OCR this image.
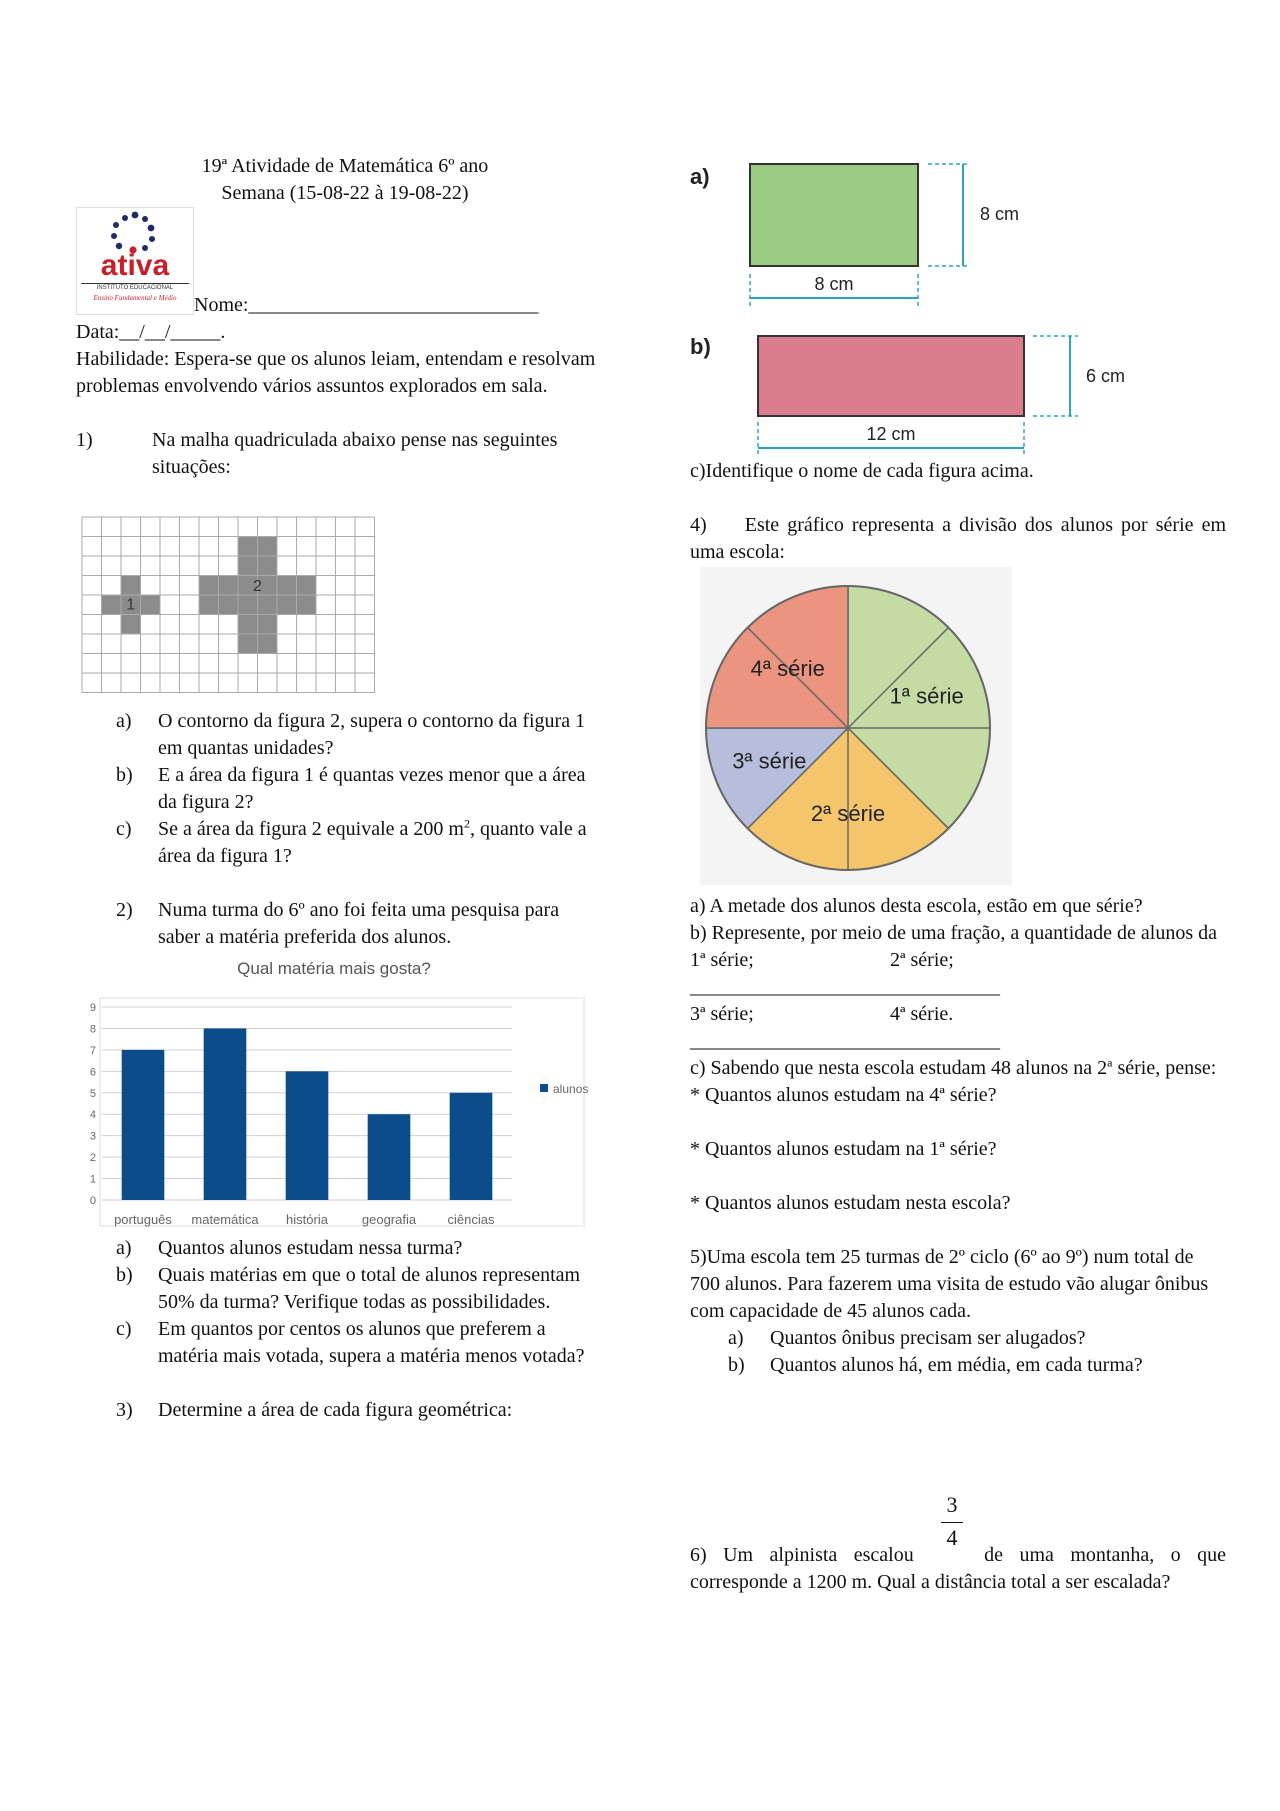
19ª Atividade de Matemática 6º ano

Semana (15-08-22 à 19-08-22)

ativa
INSTITUTO EDUCACIONAL
Ensino Fundamental e Médio Nome:_____________________________

Data:__/__/_____.

Habilidade: Espera-se que os alunos leiam, entendam e resolvam problemas envolvendo vários assuntos explorados em sala.

1)	Na malha quadriculada abaixo pense nas seguintes situações:

1
2
a) O contorno da figura 2, supera o contorno da figura 1 em quantas unidades?
b) E a área da figura 1 é quantas vezes menor que a área da figura 2?
c) Se a área da figura 2 equivale a 200 $m^2$, quanto vale a área da figura 1?
2) Numa turma do 6º ano foi feita uma pesquisa para saber a matéria preferida dos alunos.
Qual matéria mais gosta?
0
1
2
3
4
5
6
7
8
9
português matemática história	geografia ciências
alunos
a) Quantos alunos estudam nessa turma?
b) Quais matérias em que o total de alunos representam 50% da turma? Verifique todas as possibilidades.
c) Em quantos por centos os alunos que preferem a matéria mais votada, supera a matéria menos votada?
3) Determine a área de cada figura geométrica:
a)
8 cm
8 cm
b)
6 cm
12 cm

c)Identifique o nome de cada figura acima.

4) Este gráfico representa a divisão dos alunos por série em uma escola:

1ª série
2ª série
3ª série
4ª série

a) A metade dos alunos desta escola, estão em que série?

b) Represente, por meio de uma fração, a quantidade de alunos da

1ª série;	2ª série;

_______________________________

3ª série;	4ª série.

_______________________________

c) Sabendo que nesta escola estudam 48 alunos na 2$^a$ série, pense:

* Quantos alunos estudam na 4ª série?

* Quantos alunos estudam na 1ª série?

* Quantos alunos estudam nesta escola?

5)Uma escola tem 25 turmas de 2º ciclo (6º ao 9º) num total de 700 alunos. Para fazerem uma visita de estudo vão alugar ônibus com capacidade de 45 alunos cada.

a) Quantos ônibus precisam ser alugados?
b) Quantos alunos há, em média, em cada turma?
3
4

6) Um alpinista escalou	de uma montanha, o que corresponde a 1200 m. Qual a distância total a ser escalada?
